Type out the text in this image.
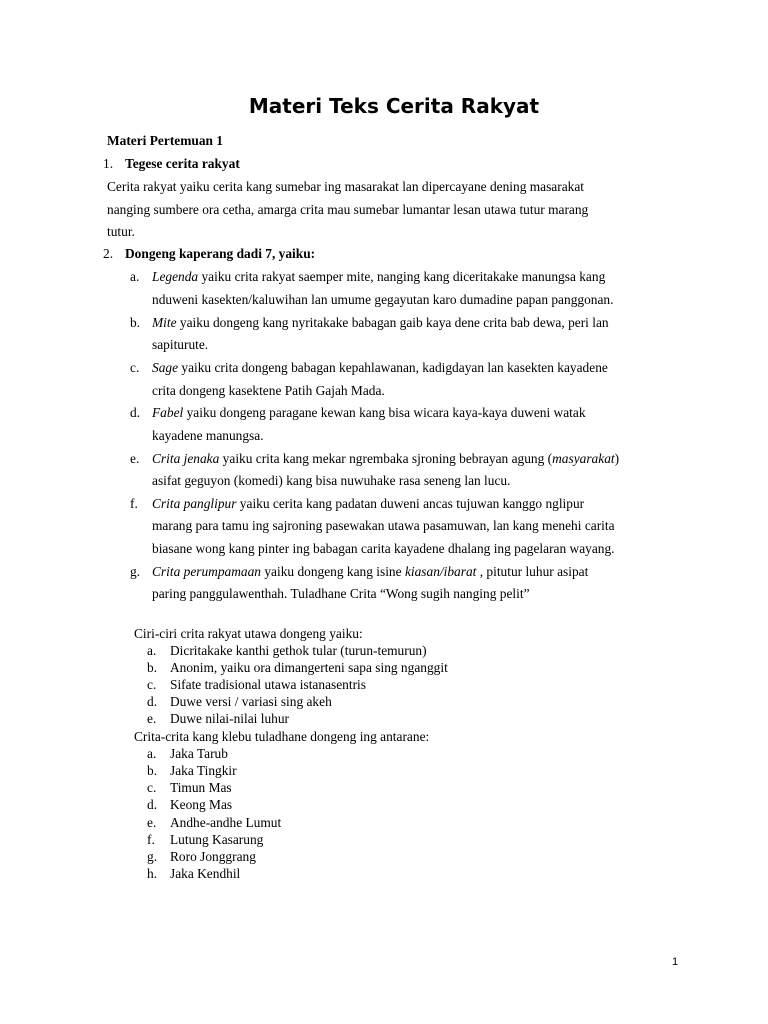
Materi Teks Cerita Rakyat
Materi Pertemuan 1
1. Tegese cerita rakyat
Cerita rakyat yaiku cerita kang sumebar ing masarakat lan dipercayane dening masarakat
nanging sumbere ora cetha, amarga crita mau sumebar lumantar lesan utawa tutur marang
tutur.
2. Dongeng kaperang dadi 7, yaiku:
a. Legenda yaiku crita rakyat saemper mite, nanging kang diceritakake manungsa kang
nduweni kasekten/kaluwihan lan umume gegayutan karo dumadine papan panggonan.
b. Mite yaiku dongeng kang nyritakake babagan gaib kaya dene crita bab dewa, peri lan
sapiturute.
c. Sage yaiku crita dongeng babagan kepahlawanan, kadigdayan lan kasekten kayadene
crita dongeng kasektene Patih Gajah Mada.
d. Fabel yaiku dongeng paragane kewan kang bisa wicara kaya-kaya duweni watak
kayadene manungsa.
e. Crita jenaka yaiku crita kang mekar ngrembaka sjroning bebrayan agung (masyarakat)
asifat geguyon (komedi) kang bisa nuwuhake rasa seneng lan lucu.
f. Crita panglipur yaiku cerita kang padatan duweni ancas tujuwan kanggo nglipur
marang para tamu ing sajroning pasewakan utawa pasamuwan, lan kang menehi carita
biasane wong kang pinter ing babagan carita kayadene dhalang ing pagelaran wayang.
g. Crita perumpamaan yaiku dongeng kang isine kiasan/ibarat , pitutur luhur asipat
paring panggulawenthah. Tuladhane Crita “Wong sugih nanging pelit”
Ciri-ciri crita rakyat utawa dongeng yaiku:
a. Dicritakake kanthi gethok tular (turun-temurun)
b. Anonim, yaiku ora dimangerteni sapa sing nganggit
c. Sifate tradisional utawa istanasentris
d. Duwe versi / variasi sing akeh
e. Duwe nilai-nilai luhur
Crita-crita kang klebu tuladhane dongeng ing antarane:
a. Jaka Tarub
b. Jaka Tingkir
c. Timun Mas
d. Keong Mas
e. Andhe-andhe Lumut
f. Lutung Kasarung
g. Roro Jonggrang
h. Jaka Kendhil
1
